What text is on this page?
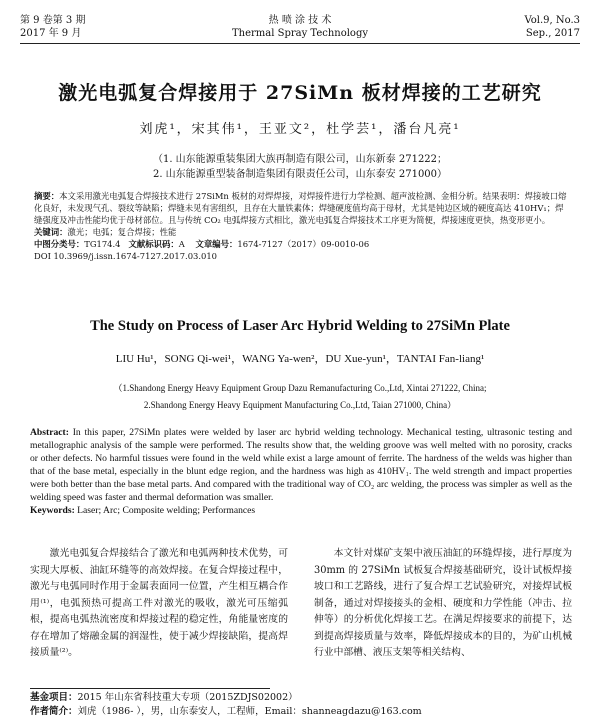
第 9 卷第 3 期
2017 年 9 月
热 喷 涂 技 术
Thermal Spray Technology
Vol.9, No.3
Sep., 2017
激光电弧复合焊接用于 27SiMn 板材焊接的工艺研究
刘虎¹，宋其伟¹，王亚文²，杜学芸¹，潘台凡亮¹
（1. 山东能源重装集团大族再制造有限公司，山东新泰 271222；
2. 山东能源重型装备制造集团有限责任公司，山东泰安 271000）

摘要：本文采用激光电弧复合焊接技术进行 27SiMn 板材的对焊焊接，对焊接件进行力学检测、超声波检测、金相分析。结果表明：焊接坡口熔化良好，未发现气孔、裂纹等缺陷；焊缝未见有害组织，且存在大量铁素体；焊缝硬度值均高于母材，尤其是钝边区域的硬度高达 410HV₁；焊缝强度及冲击性能均优于母材部位。且与传统 CO₂ 电弧焊接方式相比，激光电弧复合焊接技术工序更为简便，焊接速度更快，热变形更小。

关键词：激光；电弧；复合焊接；性能

中图分类号：TG174.4 文献标识码：A 文章编号：1674-7127（2017）09-0010-06

DOI 10.3969/j.issn.1674-7127.2017.03.010

The Study on Process of Laser Arc Hybrid Welding to 27SiMn Plate
LIU Hu¹，SONG Qi-wei¹，WANG Ya-wen²，DU Xue-yun¹，TANTAI Fan-liang¹
（1.Shandong Energy Heavy Equipment Group Dazu Remanufacturing Co.,Ltd, Xintai 271222, China;
2.Shandong Energy Heavy Equipment Manufacturing Co.,Ltd, Taian 271000, China）

Abstract: In this paper, 27SiMn plates were welded by laser arc hybrid welding technology. Mechanical testing, ultrasonic testing and metallographic analysis of the sample were performed. The results show that, the welding groove was well melted with no porosity, cracks or other defects. No harmful tissues were found in the weld while exist a large amount of ferrite. The hardness of the welds was higher than that of the base metal, especially in the blunt edge region, and the hardness was high as 410HV₁. The weld strength and impact properties were both better than the base metal parts. And compared with the traditional way of CO₂ arc welding, the process was simpler as well as the welding speed was faster and thermal deformation was smaller.

Keywords: Laser; Arc; Composite welding; Performances

激光电弧复合焊接结合了激光和电弧两种技术优势，可实现大厚板、油缸环缝等的高效焊接。在复合焊接过程中，激光与电弧同时作用于金属表面同一位置，产生相互耦合作用⁽¹⁾，电弧预热可提高工件对激光的吸收，激光可压缩弧根，提高电弧热流密度和焊接过程的稳定性，角能量密度的存在增加了熔融金属的润湿性，使于减少焊接缺陷，提高焊接质量⁽²⁾。

本文针对煤矿支架中液压油缸的环缝焊接，进行厚度为 30mm 的 27SiMn 试板复合焊接基础研究，设计试板焊接坡口和工艺路线，进行了复合焊工艺试验研究，对接焊试板制备，通过对焊接接头的金相、硬度和力学性能（冲击、拉伸等）的分析优化焊接工艺。在满足焊接要求的前提下，达到提高焊接质量与效率，降低焊接成本的目的，为矿山机械行业中部槽、液压支架等相关结构、

基金项目：2015 年山东省科技重大专项（2015ZDJS02002）

作者简介：刘虎（1986- ），男，山东泰安人，工程师，Email：shanneagdazu@163.com
